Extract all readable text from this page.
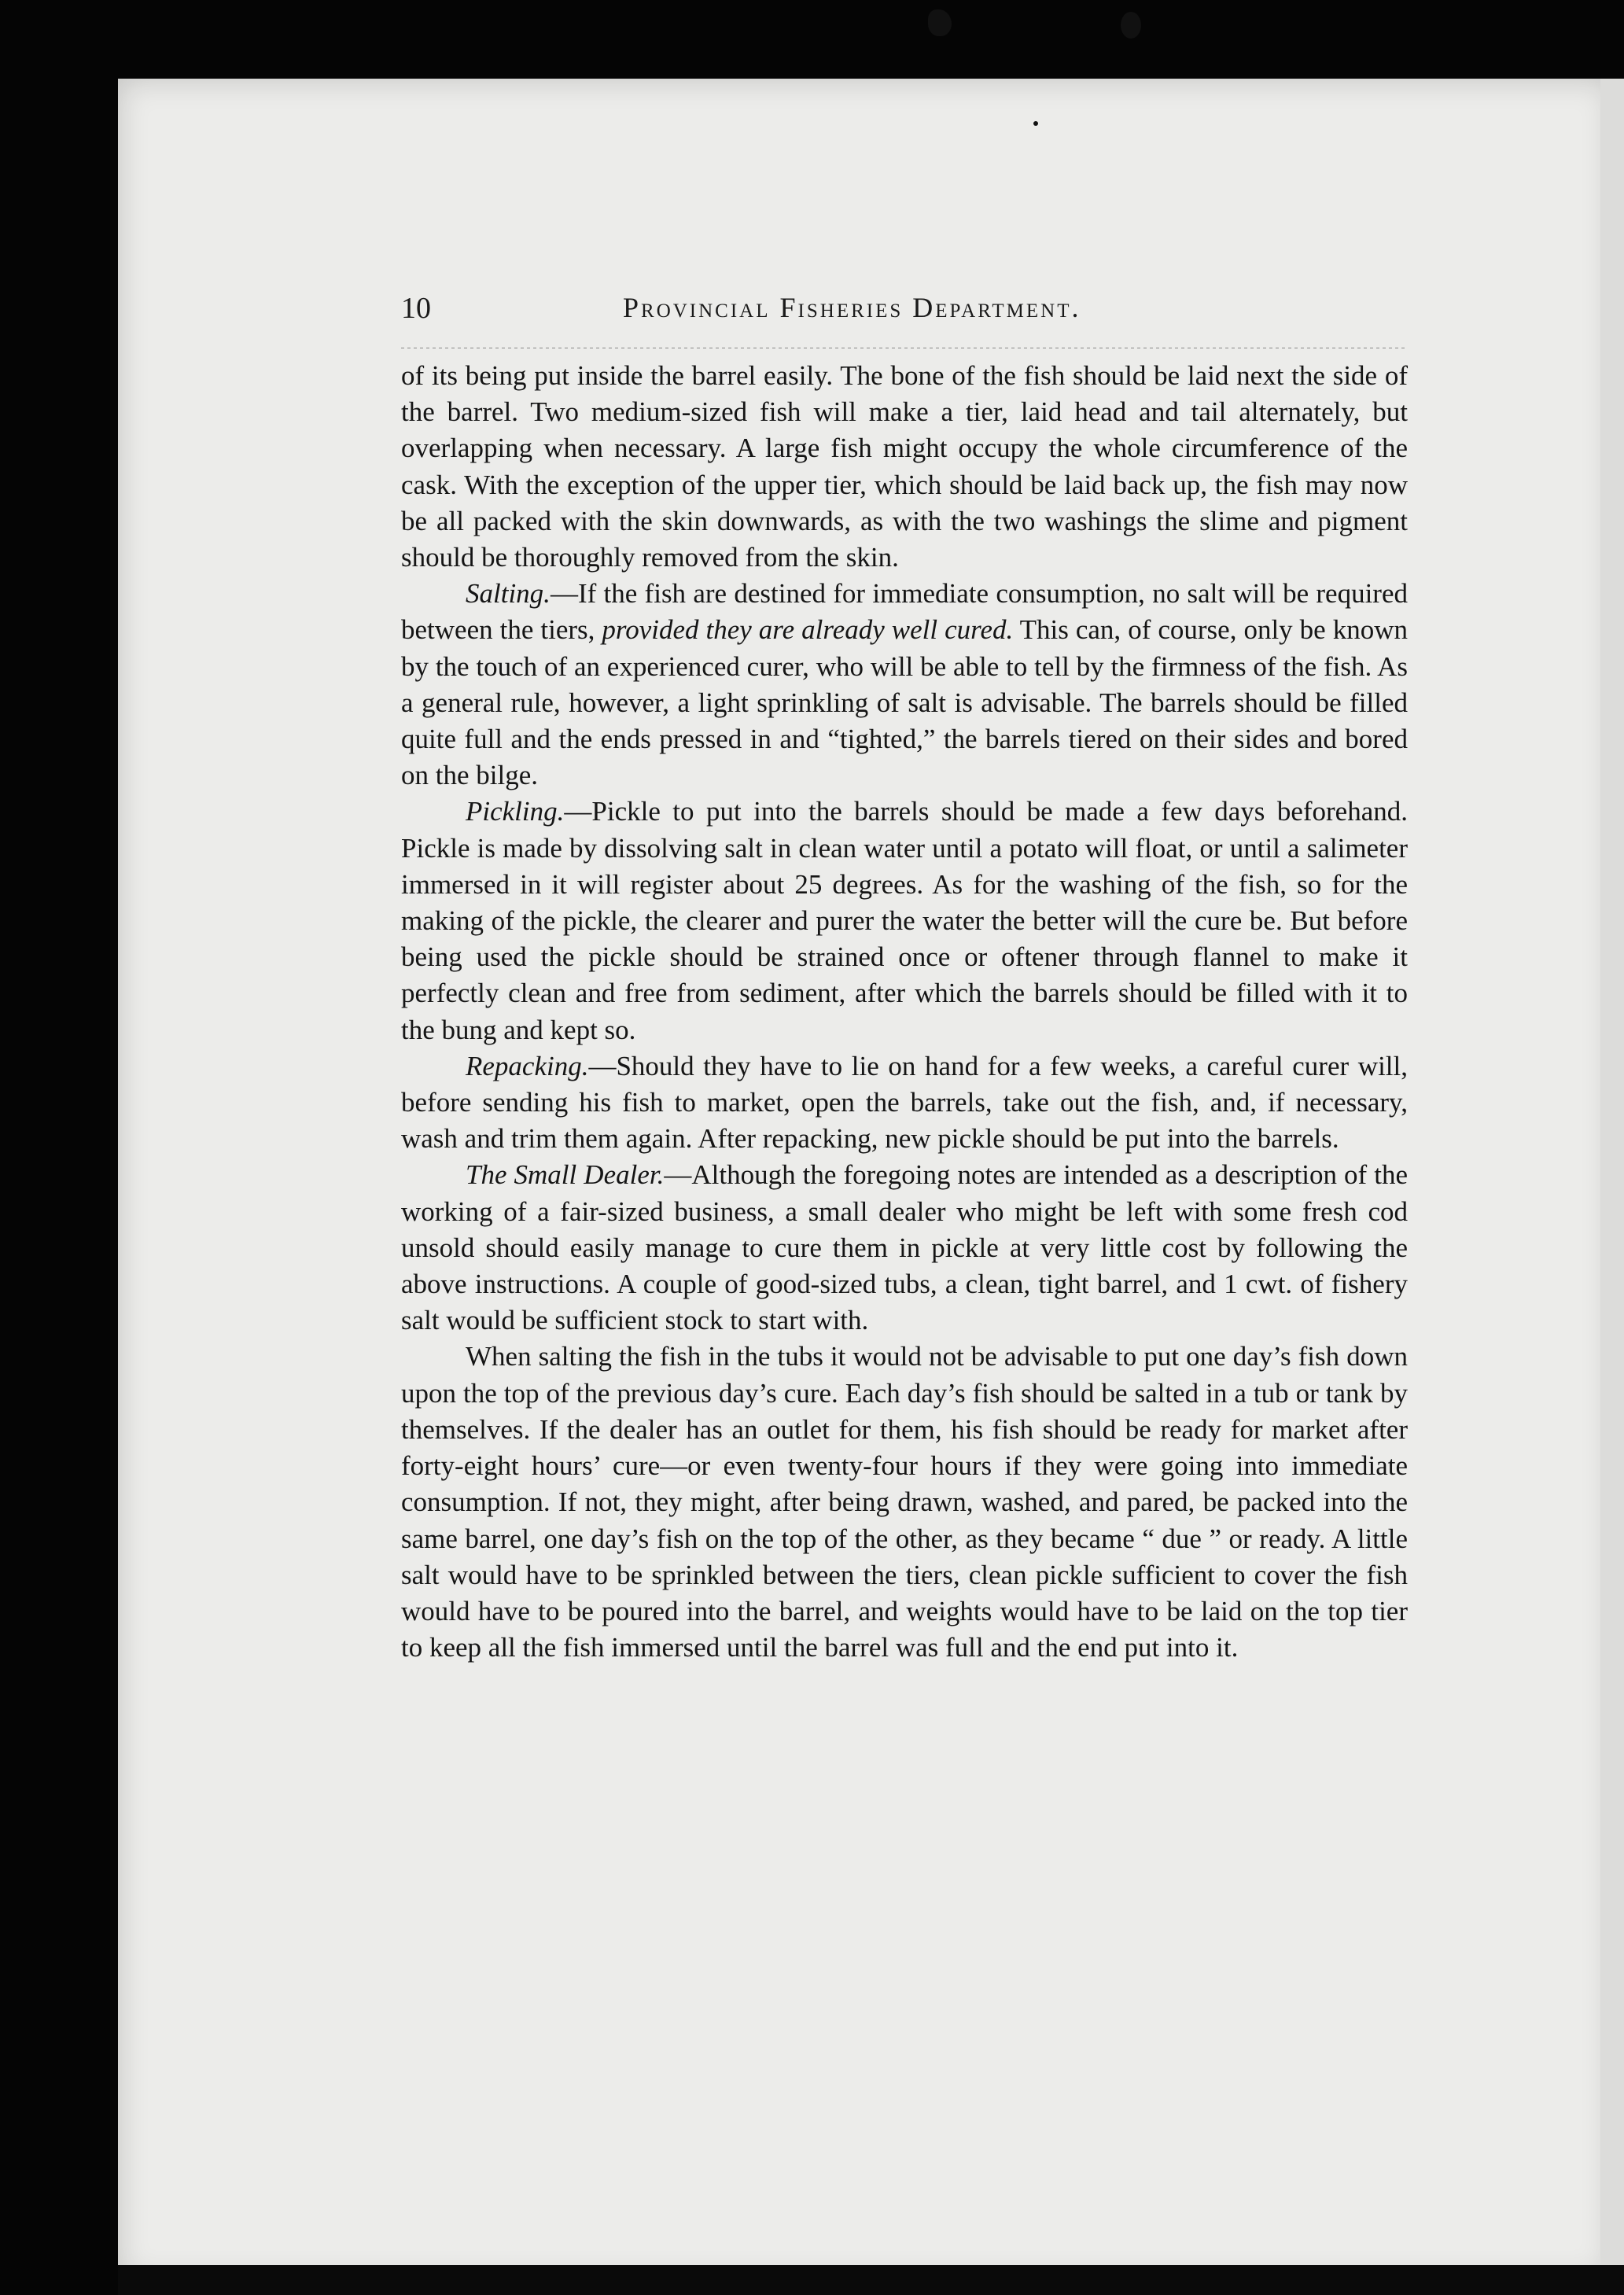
10	Provincial Fisheries Department.

of its being put inside the barrel easily. The bone of the fish should be laid next the side of the barrel. Two medium-sized fish will make a tier, laid head and tail alternately, but overlapping when necessary. A large fish might occupy the whole circumference of the cask. With the exception of the upper tier, which should be laid back up, the fish may now be all packed with the skin downwards, as with the two washings the slime and pigment should be thoroughly removed from the skin.

Salting.—If the fish are destined for immediate consumption, no salt will be required between the tiers, provided they are already well cured. This can, of course, only be known by the touch of an experienced curer, who will be able to tell by the firmness of the fish. As a general rule, however, a light sprinkling of salt is advisable. The barrels should be filled quite full and the ends pressed in and “tighted,” the barrels tiered on their sides and bored on the bilge.

Pickling.—Pickle to put into the barrels should be made a few days beforehand. Pickle is made by dissolving salt in clean water until a potato will float, or until a salimeter immersed in it will register about 25 degrees. As for the washing of the fish, so for the making of the pickle, the clearer and purer the water the better will the cure be. But before being used the pickle should be strained once or oftener through flannel to make it perfectly clean and free from sediment, after which the barrels should be filled with it to the bung and kept so.

Repacking.—Should they have to lie on hand for a few weeks, a careful curer will, before sending his fish to market, open the barrels, take out the fish, and, if necessary, wash and trim them again. After repacking, new pickle should be put into the barrels.

The Small Dealer.—Although the foregoing notes are intended as a description of the working of a fair-sized business, a small dealer who might be left with some fresh cod unsold should easily manage to cure them in pickle at very little cost by following the above instructions. A couple of good-sized tubs, a clean, tight barrel, and 1 cwt. of fishery salt would be sufficient stock to start with.

When salting the fish in the tubs it would not be advisable to put one day’s fish down upon the top of the previous day’s cure. Each day’s fish should be salted in a tub or tank by themselves. If the dealer has an outlet for them, his fish should be ready for market after forty-eight hours’ cure—or even twenty-four hours if they were going into immediate consumption. If not, they might, after being drawn, washed, and pared, be packed into the same barrel, one day’s fish on the top of the other, as they became “ due ” or ready. A little salt would have to be sprinkled between the tiers, clean pickle sufficient to cover the fish would have to be poured into the barrel, and weights would have to be laid on the top tier to keep all the fish immersed until the barrel was full and the end put into it.
